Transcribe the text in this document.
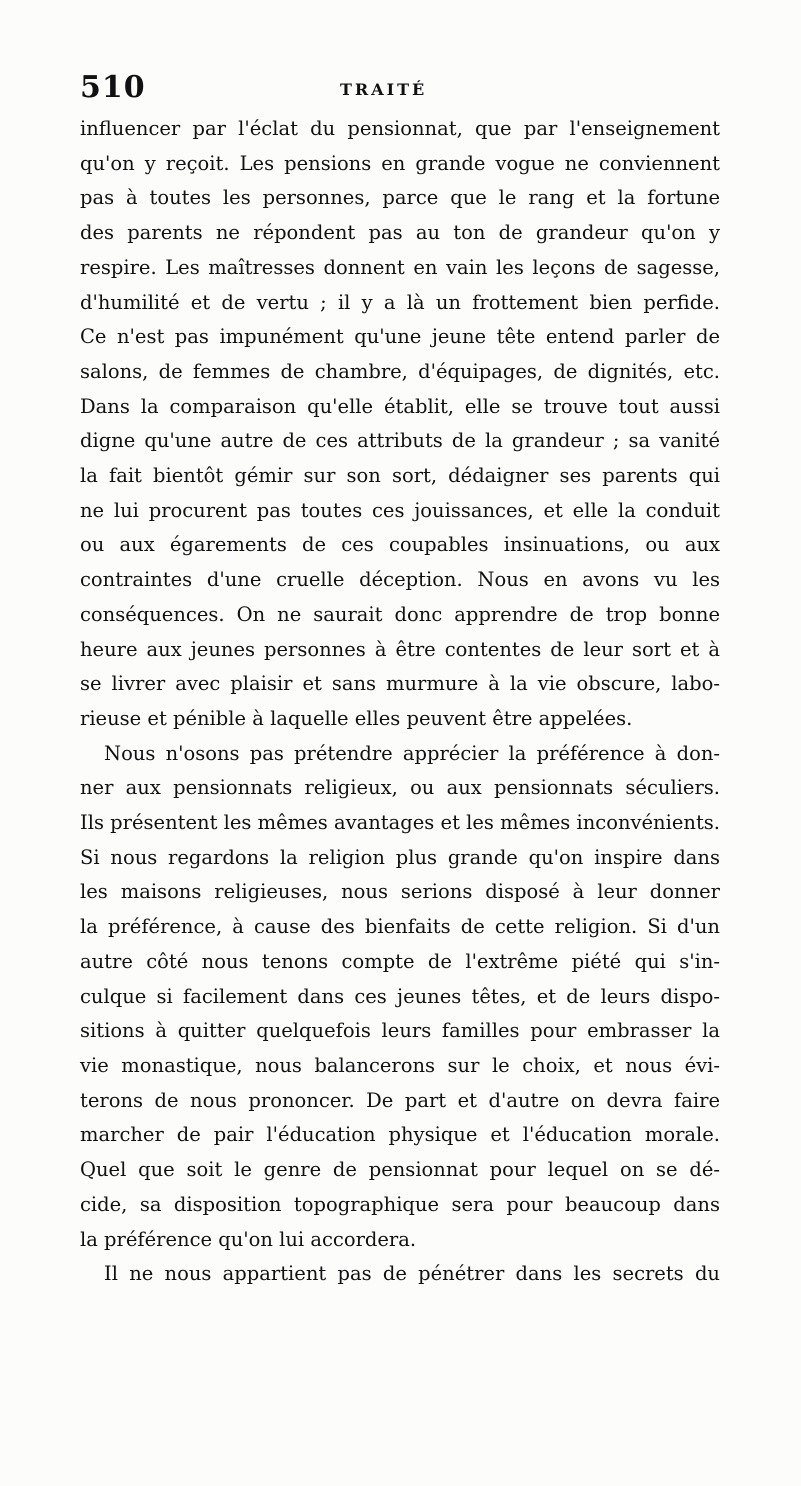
510	TRAITÉ
influencer par l'éclat du pensionnat, que par l'enseignement
qu'on y reçoit. Les pensions en grande vogue ne conviennent
pas à toutes les personnes, parce que le rang et la fortune
des parents ne répondent pas au ton de grandeur qu'on y
respire. Les maîtresses donnent en vain les leçons de sagesse,
d'humilité et de vertu ; il y a là un frottement bien perfide.
Ce n'est pas impunément qu'une jeune tête entend parler de
salons, de femmes de chambre, d'équipages, de dignités, etc.
Dans la comparaison qu'elle établit, elle se trouve tout aussi
digne qu'une autre de ces attributs de la grandeur ; sa vanité
la fait bientôt gémir sur son sort, dédaigner ses parents qui
ne lui procurent pas toutes ces jouissances, et elle la conduit
ou aux égarements de ces coupables insinuations, ou aux
contraintes d'une cruelle déception. Nous en avons vu les
conséquences. On ne saurait donc apprendre de trop bonne
heure aux jeunes personnes à être contentes de leur sort et à
se livrer avec plaisir et sans murmure à la vie obscure, labo-
rieuse et pénible à laquelle elles peuvent être appelées.
Nous n'osons pas prétendre apprécier la préférence à don-
ner aux pensionnats religieux, ou aux pensionnats séculiers.
Ils présentent les mêmes avantages et les mêmes inconvénients.
Si nous regardons la religion plus grande qu'on inspire dans
les maisons religieuses, nous serions disposé à leur donner
la préférence, à cause des bienfaits de cette religion. Si d'un
autre côté nous tenons compte de l'extrême piété qui s'in-
culque si facilement dans ces jeunes têtes, et de leurs dispo-
sitions à quitter quelquefois leurs familles pour embrasser la
vie monastique, nous balancerons sur le choix, et nous évi-
terons de nous prononcer. De part et d'autre on devra faire
marcher de pair l'éducation physique et l'éducation morale.
Quel que soit le genre de pensionnat pour lequel on se dé-
cide, sa disposition topographique sera pour beaucoup dans
la préférence qu'on lui accordera.
Il ne nous appartient pas de pénétrer dans les secrets du
